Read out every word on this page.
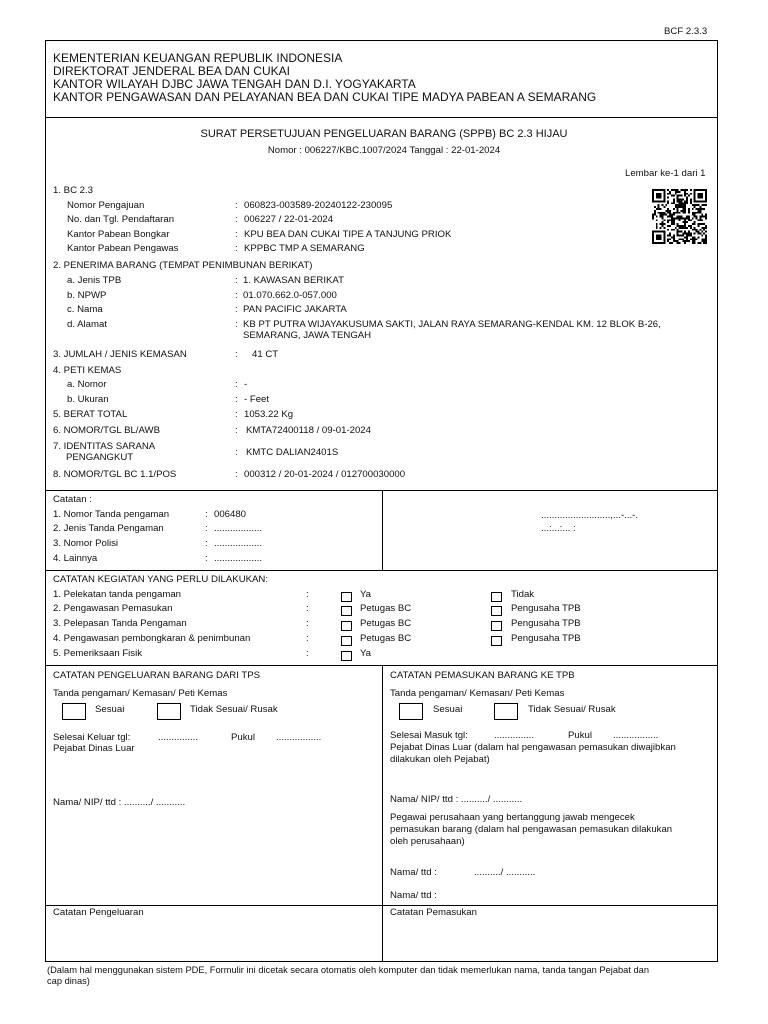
BCF 2.3.3
KEMENTERIAN KEUANGAN REPUBLIK INDONESIA
DIREKTORAT JENDERAL BEA DAN CUKAI
KANTOR WILAYAH DJBC JAWA TENGAH DAN D.I. YOGYAKARTA
KANTOR PENGAWASAN DAN PELAYANAN BEA DAN CUKAI TIPE MADYA PABEAN A SEMARANG
SURAT PERSETUJUAN PENGELUARAN BARANG (SPPB) BC 2.3 HIJAU
Nomor : 006227/KBC.1007/2024 Tanggal : 22-01-2024
Lembar ke-1 dari 1
1. BC 2.3
Nomor Pengajuan	: 060823-003589-20240122-230095
No. dan Tgl. Pendaftaran	: 006227 / 22-01-2024
Kantor Pabean Bongkar	: KPU BEA DAN CUKAI TIPE A TANJUNG PRIOK
Kantor Pabean Pengawas	: KPPBC TMP A SEMARANG
2. PENERIMA BARANG (TEMPAT PENIMBUNAN BERIKAT)
a. Jenis TPB	: 1. KAWASAN BERIKAT
b. NPWP	: 01.070.662.0-057.000
c. Nama	: PAN PACIFIC JAKARTA
d. Alamat	: KB PT PUTRA WIJAYAKUSUMA SAKTI, JALAN RAYA SEMARANG-KENDAL KM. 12 BLOK B-26,
SEMARANG, JAWA TENGAH
3. JUMLAH / JENIS KEMASAN	: 41 CT
4. PETI KEMAS
a. Nomor	: -
b. Ukuran	: - Feet
5. BERAT TOTAL	: 1053.22 Kg
6. NOMOR/TGL BL/AWB	: KMTA72400118 / 09-01-2024
7. IDENTITAS SARANA
PENGANGKUT	: KMTC DALIAN2401S
8. NOMOR/TGL BC 1.1/POS	: 000312 / 20-01-2024 / 012700030000
Catatan :
1. Nomor Tanda pengaman	: 006480
2. Jenis Tanda Pengaman	: ..................
3. Nomor Polisi	: ..................
4. Lainnya	: ..................
..........................,...-...-.
...:...:... :
CATATAN KEGIATAN YANG PERLU DILAKUKAN:
1. Pelekatan tanda pengaman	:	Ya	Tidak
2. Pengawasan Pemasukan	:	Petugas BC	Pengusaha TPB
3. Pelepasan Tanda Pengaman	:	Petugas BC	Pengusaha TPB
4. Pengawasan pembongkaran & penimbunan	:	Petugas BC	Pengusaha TPB
5. Pemeriksaan Fisik	:	Ya
CATATAN PENGELUARAN BARANG DARI TPS
Tanda pengaman/ Kemasan/ Peti Kemas
Sesuai	Tidak Sesuai/ Rusak
Selesai Keluar tgl:	...............	Pukul .................
Pejabat Dinas Luar
Nama/ NIP/ ttd : ........../ ...........
CATATAN PEMASUKAN BARANG KE TPB
Tanda pengaman/ Kemasan/ Peti Kemas
Sesuai	Tidak Sesuai/ Rusak
Selesai Masuk tgl:	...............	Pukul .................
Pejabat Dinas Luar (dalam hal pengawasan pemasukan diwajibkan
dilakukan oleh Pejabat)
Nama/ NIP/ ttd : ........../ ...........
Pegawai perusahaan yang bertanggung jawab mengecek
pemasukan barang (dalam hal pengawasan pemasukan dilakukan
oleh perusahaan)
Nama/ ttd :	........../ ...........
Nama/ ttd :
Catatan Pengeluaran	Catatan Pemasukan
(Dalam hal menggunakan sistem PDE, Formulir ini dicetak secara otomatis oleh komputer dan tidak memerlukan nama, tanda tangan Pejabat dan
cap dinas)
